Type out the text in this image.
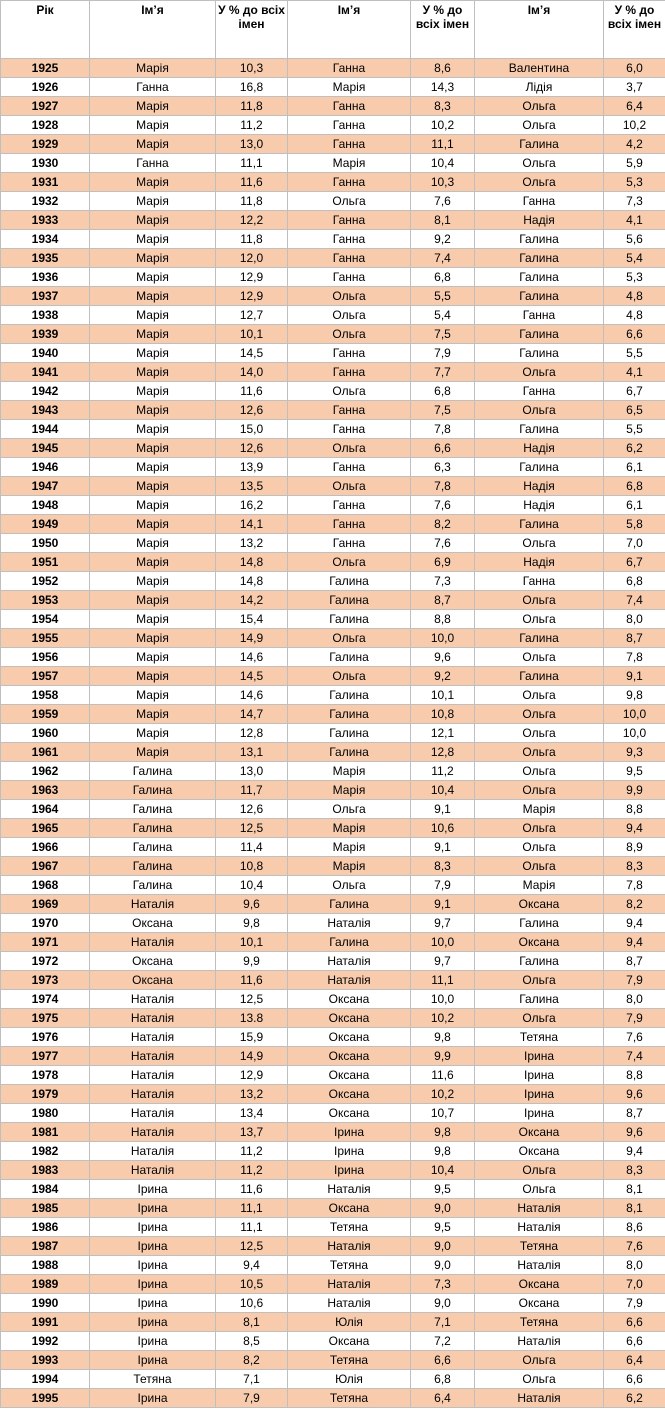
Рік	Ім’я	У % до всіх імен	Ім’я	У % до всіх імен	Ім’я	У % до всіх імен
1925	Марія	10,3	Ганна	8,6	Валентина	6,0
1926	Ганна	16,8	Марія	14,3	Лідія	3,7
1927	Марія	11,8	Ганна	8,3	Ольга	6,4
1928	Марія	11,2	Ганна	10,2	Ольга	10,2
1929	Марія	13,0	Ганна	11,1	Галина	4,2
1930	Ганна	11,1	Марія	10,4	Ольга	5,9
1931	Марія	11,6	Ганна	10,3	Ольга	5,3
1932	Марія	11,8	Ольга	7,6	Ганна	7,3
1933	Марія	12,2	Ганна	8,1	Надія	4,1
1934	Марія	11,8	Ганна	9,2	Галина	5,6
1935	Марія	12,0	Ганна	7,4	Галина	5,4
1936	Марія	12,9	Ганна	6,8	Галина	5,3
1937	Марія	12,9	Ольга	5,5	Галина	4,8
1938	Марія	12,7	Ольга	5,4	Ганна	4,8
1939	Марія	10,1	Ольга	7,5	Галина	6,6
1940	Марія	14,5	Ганна	7,9	Галина	5,5
1941	Марія	14,0	Ганна	7,7	Ольга	4,1
1942	Марія	11,6	Ольга	6,8	Ганна	6,7
1943	Марія	12,6	Ганна	7,5	Ольга	6,5
1944	Марія	15,0	Ганна	7,8	Галина	5,5
1945	Марія	12,6	Ольга	6,6	Надія	6,2
1946	Марія	13,9	Ганна	6,3	Галина	6,1
1947	Марія	13,5	Ольга	7,8	Надія	6,8
1948	Марія	16,2	Ганна	7,6	Надія	6,1
1949	Марія	14,1	Ганна	8,2	Галина	5,8
1950	Марія	13,2	Ганна	7,6	Ольга	7,0
1951	Марія	14,8	Ольга	6,9	Надія	6,7
1952	Марія	14,8	Галина	7,3	Ганна	6,8
1953	Марія	14,2	Галина	8,7	Ольга	7,4
1954	Марія	15,4	Галина	8,8	Ольга	8,0
1955	Марія	14,9	Ольга	10,0	Галина	8,7
1956	Марія	14,6	Галина	9,6	Ольга	7,8
1957	Марія	14,5	Ольга	9,2	Галина	9,1
1958	Марія	14,6	Галина	10,1	Ольга	9,8
1959	Марія	14,7	Галина	10,8	Ольга	10,0
1960	Марія	12,8	Галина	12,1	Ольга	10,0
1961	Марія	13,1	Галина	12,8	Ольга	9,3
1962	Галина	13,0	Марія	11,2	Ольга	9,5
1963	Галина	11,7	Марія	10,4	Ольга	9,9
1964	Галина	12,6	Ольга	9,1	Марія	8,8
1965	Галина	12,5	Марія	10,6	Ольга	9,4
1966	Галина	11,4	Марія	9,1	Ольга	8,9
1967	Галина	10,8	Марія	8,3	Ольга	8,3
1968	Галина	10,4	Ольга	7,9	Марія	7,8
1969	Наталія	9,6	Галина	9,1	Оксана	8,2
1970	Оксана	9,8	Наталія	9,7	Галина	9,4
1971	Наталія	10,1	Галина	10,0	Оксана	9,4
1972	Оксана	9,9	Наталія	9,7	Галина	8,7
1973	Оксана	11,6	Наталія	11,1	Ольга	7,9
1974	Наталія	12,5	Оксана	10,0	Галина	8,0
1975	Наталія	13.8	Оксана	10,2	Ольга	7,9
1976	Наталія	15,9	Оксана	9,8	Тетяна	7,6
1977	Наталія	14,9	Оксана	9,9	Ірина	7,4
1978	Наталія	12,9	Оксана	11,6	Ірина	8,8
1979	Наталія	13,2	Оксана	10,2	Ірина	9,6
1980	Наталія	13,4	Оксана	10,7	Ірина	8,7
1981	Наталія	13,7	Ірина	9,8	Оксана	9,6
1982	Наталія	11,2	Ірина	9,8	Оксана	9,4
1983	Наталія	11,2	Ірина	10,4	Ольга	8,3
1984	Ірина	11,6	Наталія	9,5	Ольга	8,1
1985	Ірина	11,1	Оксана	9,0	Наталія	8,1
1986	Ірина	11,1	Тетяна	9,5	Наталія	8,6
1987	Ірина	12,5	Наталія	9,0	Тетяна	7,6
1988	Ірина	9,4	Тетяна	9,0	Наталія	8,0
1989	Ірина	10,5	Наталія	7,3	Оксана	7,0
1990	Ірина	10,6	Наталія	9,0	Оксана	7,9
1991	Ірина	8,1	Юлія	7,1	Тетяна	6,6
1992	Ірина	8,5	Оксана	7,2	Наталія	6,6
1993	Ірина	8,2	Тетяна	6,6	Ольга	6,4
1994	Тетяна	7,1	Юлія	6,8	Ольга	6,6
1995	Ірина	7,9	Тетяна	6,4	Наталія	6,2
